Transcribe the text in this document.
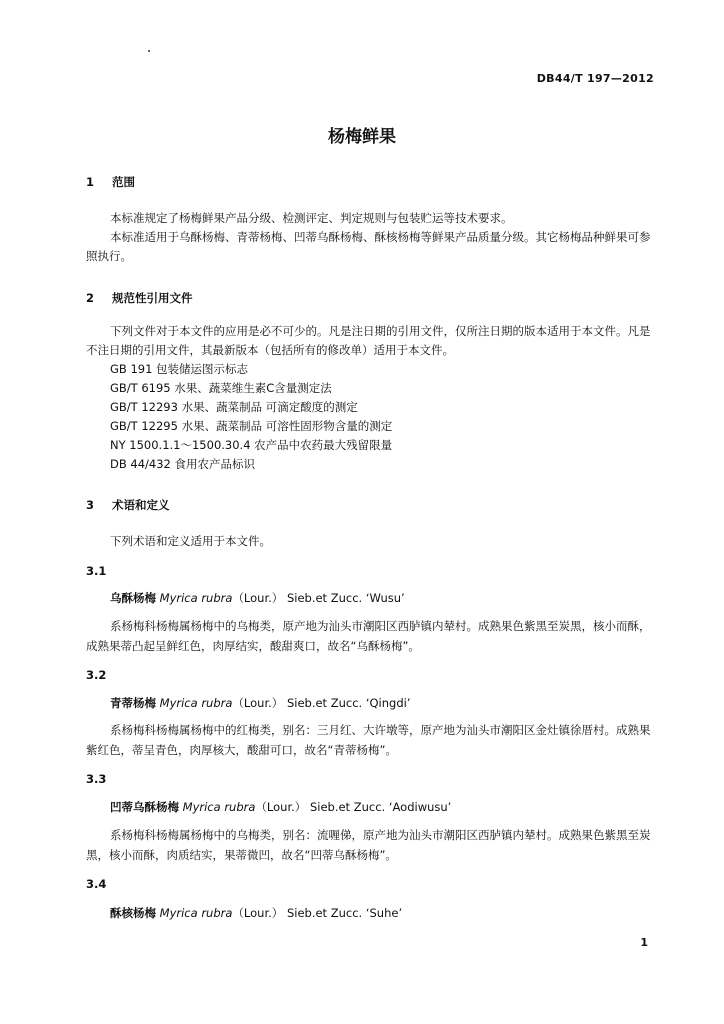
DB44/T 197—2012
杨梅鲜果
1 范围

本标准规定了杨梅鲜果产品分级、检测评定、判定规则与包装贮运等技术要求。

本标准适用于乌酥杨梅、青蒂杨梅、凹蒂乌酥杨梅、酥核杨梅等鲜果产品质量分级。其它杨梅品种鲜果可参照执行。

2 规范性引用文件

下列文件对于本文件的应用是必不可少的。凡是注日期的引用文件，仅所注日期的版本适用于本文件。凡是不注日期的引用文件，其最新版本（包括所有的修改单）适用于本文件。

GB 191 包装储运图示标志

GB/T 6195 水果、蔬菜维生素C含量测定法

GB/T 12293 水果、蔬菜制品 可滴定酸度的测定

GB/T 12295 水果、蔬菜制品 可溶性固形物含量的测定

NY 1500.1.1～1500.30.4 农产品中农药最大残留限量

DB 44/432 食用农产品标识

3 术语和定义

下列术语和定义适用于本文件。

3.1
乌酥杨梅 Myrica rubra（Lour.） Sieb.et Zucc. ‘Wusu’

系杨梅科杨梅属杨梅中的乌梅类，原产地为汕头市潮阳区西胪镇内辇村。成熟果色紫黑至炭黑，核小而酥，成熟果蒂凸起呈鲜红色，肉厚结实，酸甜爽口，故名“乌酥杨梅”。

3.2
青蒂杨梅 Myrica rubra（Lour.） Sieb.et Zucc. ‘Qingdi’

系杨梅科杨梅属杨梅中的红梅类，别名：三月红、大许墩等，原产地为汕头市潮阳区金灶镇徐厝村。成熟果紫红色，蒂呈青色，肉厚核大，酸甜可口，故名“青蒂杨梅”。

3.3
凹蒂乌酥杨梅 Myrica rubra（Lour.） Sieb.et Zucc. ‘Aodiwusu’

系杨梅科杨梅属杨梅中的乌梅类，别名：流喱俤，原产地为汕头市潮阳区西胪镇内辇村。成熟果色紫黑至炭黑，核小而酥，肉质结实，果蒂微凹，故名“凹蒂乌酥杨梅”。

3.4
酥核杨梅 Myrica rubra（Lour.） Sieb.et Zucc. ‘Suhe’
1
